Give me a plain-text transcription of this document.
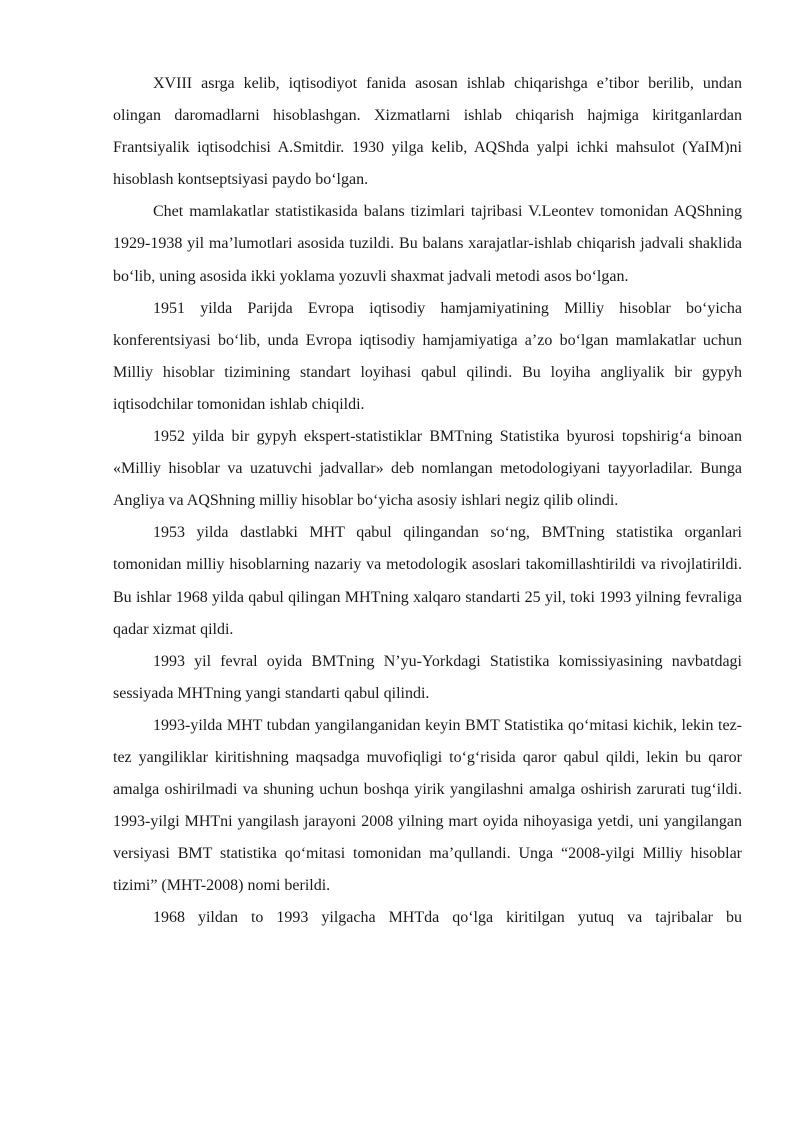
XVIII asrga kelib, iqtisodiyot fanida asosan ishlab chiqarishga e’tibor berilib, undan olingan daromadlarni hisoblashgan. Xizmatlarni ishlab chiqarish hajmiga kiritganlardan Frantsiyalik iqtisodchisi A.Smitdir. 1930 yilga kelib, AQShda yalpi ichki mahsulot (YaIM)ni hisoblash kontseptsiyasi paydo bo‘lgan.

Chet mamlakatlar statistikasida balans tizimlari tajribasi V.Leontev tomonidan AQShning 1929-1938 yil ma’lumotlari asosida tuzildi. Bu balans xarajatlar-ishlab chiqarish jadvali shaklida bo‘lib, uning asosida ikki yoklama yozuvli shaxmat jadvali metodi asos bo‘lgan.

1951 yilda Parijda Evropa iqtisodiy hamjamiyatining Milliy hisoblar bo‘yicha konferentsiyasi bo‘lib, unda Evropa iqtisodiy hamjamiyatiga a’zo bo‘lgan mamlakatlar uchun Milliy hisoblar tizimining standart loyihasi qabul qilindi. Bu loyiha angliyalik bir gypyh iqtisodchilar tomonidan ishlab chiqildi.

1952 yilda bir gypyh ekspert-statistiklar BMTning Statistika byurosi topshirig‘a binoan «Milliy hisoblar va uzatuvchi jadvallar» deb nomlangan metodologiyani tayyorladilar. Bunga Angliya va AQShning milliy hisoblar bo‘yicha asosiy ishlari negiz qilib olindi.

1953 yilda dastlabki MHT qabul qilingandan so‘ng, BMTning statistika organlari tomonidan milliy hisoblarning nazariy va metodologik asoslari takomillashtirildi va rivojlatirildi. Bu ishlar 1968 yilda qabul qilingan MHTning xalqaro standarti 25 yil, toki 1993 yilning fevraliga qadar xizmat qildi.

1993 yil fevral oyida BMTning N’yu-Yorkdagi Statistika komissiyasining navbatdagi sessiyada MHTning yangi standarti qabul qilindi.

1993-yilda MHT tubdan yangilanganidan keyin BMT Statistika qo‘mitasi kichik, lekin tez-tez yangiliklar kiritishning maqsadga muvofiqligi to‘g‘risida qaror qabul qildi, lekin bu qaror amalga oshirilmadi va shuning uchun boshqa yirik yangilashni amalga oshirish zarurati tug‘ildi. 1993-yilgi MHTni yangilash jarayoni 2008 yilning mart oyida nihoyasiga yetdi, uni yangilangan versiyasi BMT statistika qo‘mitasi tomonidan ma’qullandi. Unga “2008-yilgi Milliy hisoblar tizimi” (MHT-2008) nomi berildi.

1968 yildan to 1993 yilgacha MHTda qo‘lga kiritilgan yutuq va tajribalar bu
